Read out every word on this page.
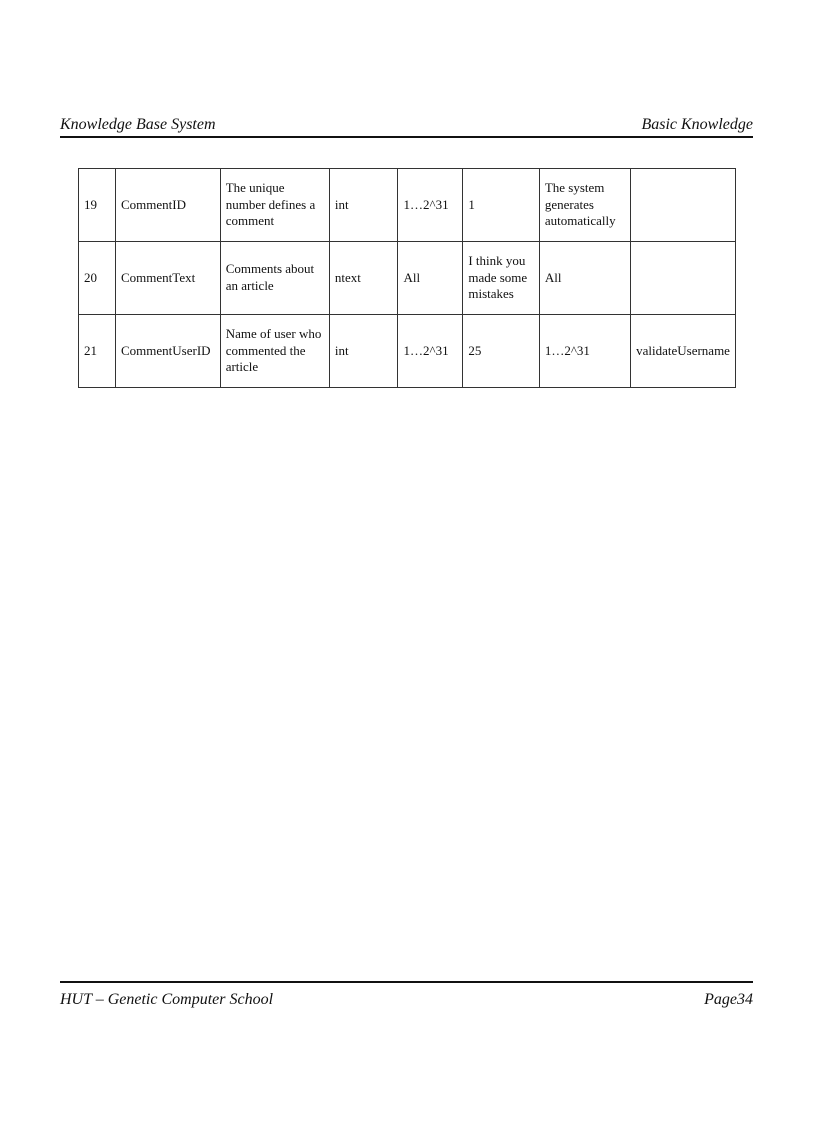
Knowledge Base System	Basic Knowledge
19	CommentID	The unique number defines a comment	int	1…2^31	1	The system generates automatically	
20	CommentText	Comments about an article	ntext	All	I think you made some mistakes	All	
21	CommentUserID	Name of user who commented the article	int	1…2^31	25	1…2^31	validateUsername
HUT – Genetic Computer School	Page34
